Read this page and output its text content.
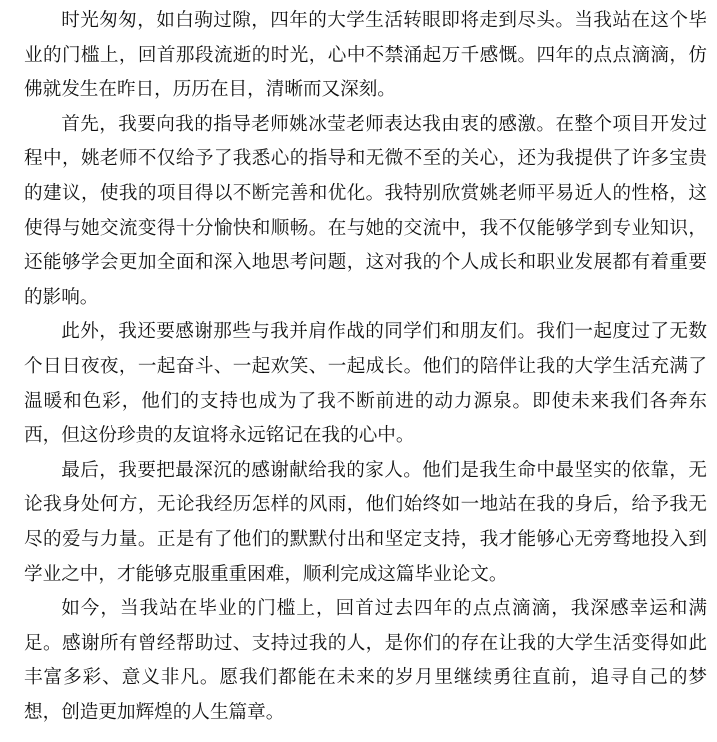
时光匆匆，如白驹过隙，四年的大学生活转眼即将走到尽头。当我站在这个毕业的门槛上，回首那段流逝的时光，心中不禁涌起万千感慨。四年的点点滴滴，仿佛就发生在昨日，历历在目，清晰而又深刻。

首先，我要向我的指导老师姚冰莹老师表达我由衷的感激。在整个项目开发过程中，姚老师不仅给予了我悉心的指导和无微不至的关心，还为我提供了许多宝贵的建议，使我的项目得以不断完善和优化。我特别欣赏姚老师平易近人的性格，这使得与她交流变得十分愉快和顺畅。在与她的交流中，我不仅能够学到专业知识，还能够学会更加全面和深入地思考问题，这对我的个人成长和职业发展都有着重要的影响。

此外，我还要感谢那些与我并肩作战的同学们和朋友们。我们一起度过了无数个日日夜夜，一起奋斗、一起欢笑、一起成长。他们的陪伴让我的大学生活充满了温暖和色彩，他们的支持也成为了我不断前进的动力源泉。即使未来我们各奔东西，但这份珍贵的友谊将永远铭记在我的心中。

最后，我要把最深沉的感谢献给我的家人。他们是我生命中最坚实的依靠，无论我身处何方，无论我经历怎样的风雨，他们始终如一地站在我的身后，给予我无尽的爱与力量。正是有了他们的默默付出和坚定支持，我才能够心无旁骛地投入到学业之中，才能够克服重重困难，顺利完成这篇毕业论文。

如今，当我站在毕业的门槛上，回首过去四年的点点滴滴，我深感幸运和满足。感谢所有曾经帮助过、支持过我的人，是你们的存在让我的大学生活变得如此丰富多彩、意义非凡。愿我们都能在未来的岁月里继续勇往直前，追寻自己的梦想，创造更加辉煌的人生篇章。
